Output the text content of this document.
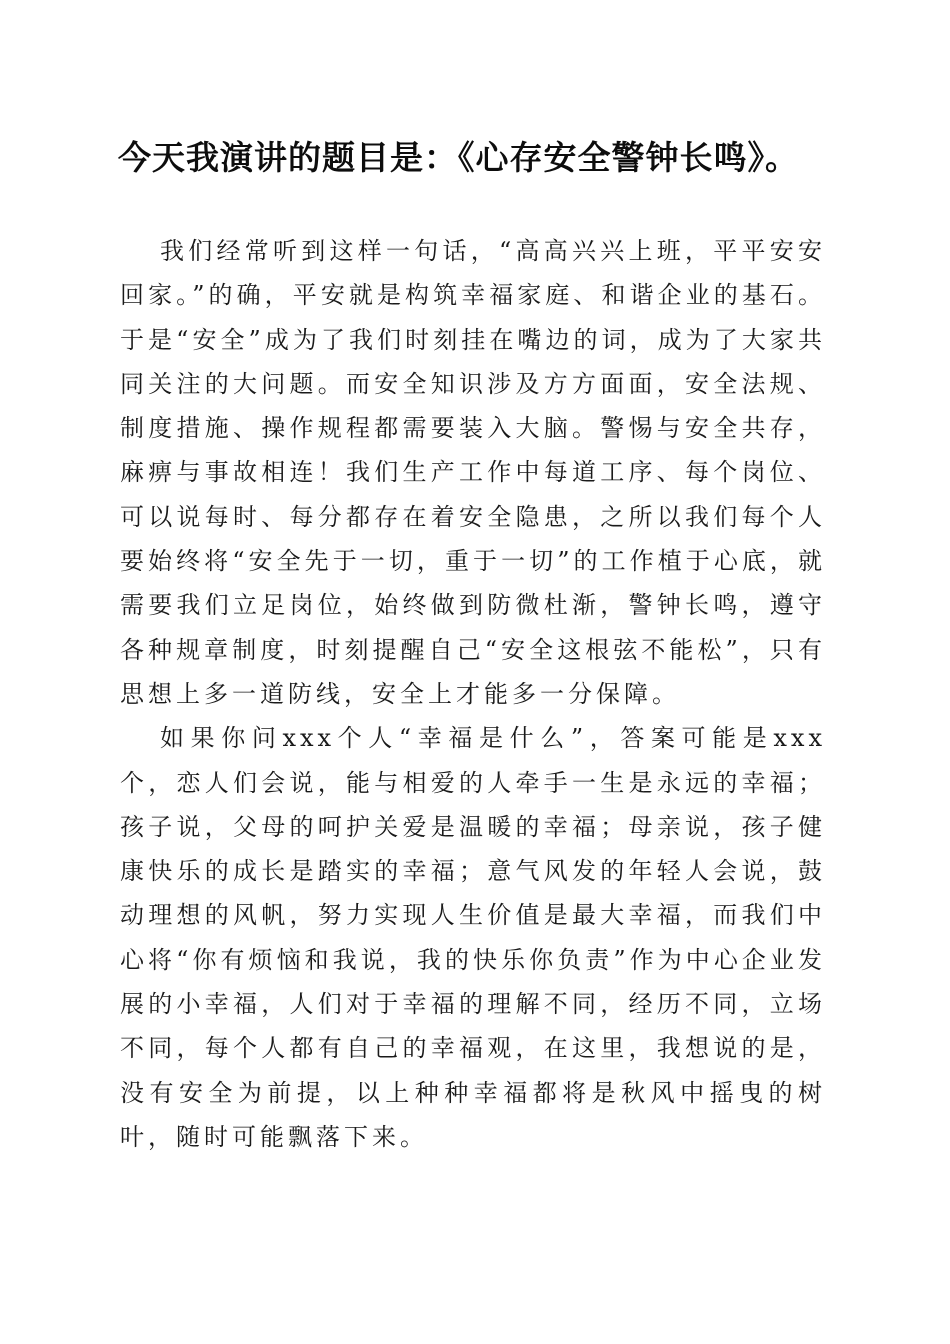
今天我演讲的题目是：《心存安全警钟长鸣》。

我们经常听到这样一句话，“高高兴兴上班，平平安安回家。”的确，平安就是构筑幸福家庭、和谐企业的基石。于是“安全”成为了我们时刻挂在嘴边的词，成为了大家共同关注的大问题。而安全知识涉及方方面面，安全法规、制度措施、操作规程都需要装入大脑。警惕与安全共存，麻痹与事故相连！我们生产工作中每道工序、每个岗位、可以说每时、每分都存在着安全隐患，之所以我们每个人要始终将“安全先于一切，重于一切”的工作植于心底，就需要我们立足岗位，始终做到防微杜渐，警钟长鸣，遵守各种规章制度，时刻提醒自己“安全这根弦不能松”，只有思想上多一道防线，安全上才能多一分保障。

如果你问xxx个人“幸福是什么”，答案可能是xxx个，恋人们会说，能与相爱的人牵手一生是永远的幸福；孩子说，父母的呵护关爱是温暖的幸福；母亲说，孩子健康快乐的成长是踏实的幸福；意气风发的年轻人会说，鼓动理想的风帆，努力实现人生价值是最大幸福，而我们中心将“你有烦恼和我说，我的快乐你负责”作为中心企业发展的小幸福，人们对于幸福的理解不同，经历不同，立场不同，每个人都有自己的幸福观，在这里，我想说的是，没有安全为前提，以上种种幸福都将是秋风中摇曳的树叶，随时可能飘落下来。
